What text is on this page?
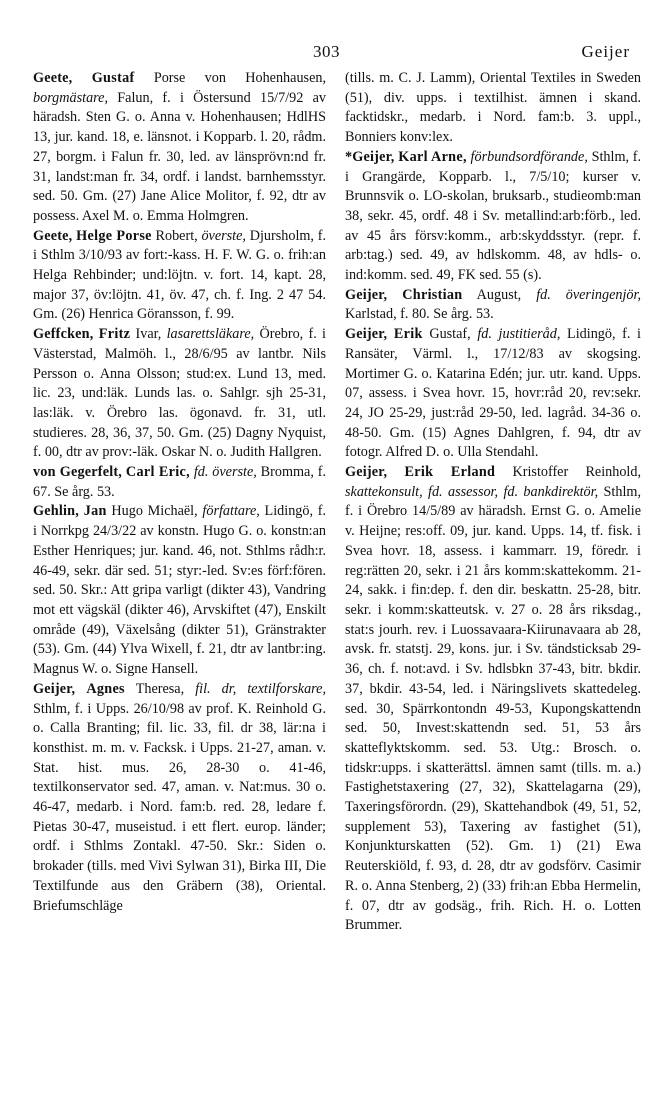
303	Geijer

Geete, Gustaf Porse von Hohenhausen, borgmästare, Falun, f. i Östersund 15/7/92 av häradsh. Sten G. o. Anna v. Hohenhausen; HdlHS 13, jur. kand. 18, e. länsnot. i Kopparb. l. 20, rådm. 27, borgm. i Falun fr. 30, led. av länsprövn:nd fr. 31, landst:man fr. 34, ordf. i landst. barnhemsstyr. sed. 50. Gm. (27) Jane Alice Molitor, f. 92, dtr av possess. Axel M. o. Emma Holmgren.

Geete, Helge Porse Robert, överste, Djursholm, f. i Sthlm 3/10/93 av fort:-kass. H. F. W. G. o. frih:an Helga Rehbinder; und:löjtn. v. fort. 14, kapt. 28, major 37, öv:löjtn. 41, öv. 47, ch. f. Ing. 2 47 54. Gm. (26) Henrica Göransson, f. 99.

Geffcken, Fritz Ivar, lasarettsläkare, Örebro, f. i Västerstad, Malmöh. l., 28/6/95 av lantbr. Nils Persson o. Anna Olsson; stud:ex. Lund 13, med. lic. 23, und:läk. Lunds las. o. Sahlgr. sjh 25-31, las:läk. v. Örebro las. ögonavd. fr. 31, utl. studieres. 28, 36, 37, 50. Gm. (25) Dagny Nyquist, f. 00, dtr av prov:-läk. Oskar N. o. Judith Hallgren.

von Gegerfelt, Carl Eric, fd. överste, Bromma, f. 67. Se årg. 53.

Gehlin, Jan Hugo Michaël, författare, Lidingö, f. i Norrkpg 24/3/22 av konstn. Hugo G. o. konstn:an Esther Henriques; jur. kand. 46, not. Sthlms rådh:r. 46-49, sekr. där sed. 51; styr:-led. Sv:es förf:fören. sed. 50. Skr.: Att gripa varligt (dikter 43), Vandring mot ett vägskäl (dikter 46), Arvskiftet (47), Enskilt område (49), Växelsång (dikter 51), Gränstrakter (53). Gm. (44) Ylva Wixell, f. 21, dtr av lantbr:ing. Magnus W. o. Signe Hansell.

Geijer, Agnes Theresa, fil. dr, textilforskare, Sthlm, f. i Upps. 26/10/98 av prof. K. Reinhold G. o. Calla Branting; fil. lic. 33, fil. dr 38, lär:na i konsthist. m. m. v. Facksk. i Upps. 21-27, aman. v. Stat. hist. mus. 26, 28-30 o. 41-46, textilkonservator sed. 47, aman. v. Nat:mus. 30 o. 46-47, medarb. i Nord. fam:b. red. 28, ledare f. Pietas 30-47, museistud. i ett flert. europ. länder; ordf. i Sthlms Zontakl. 47-50. Skr.: Siden o. brokader (tills. med Vivi Sylwan 31), Birka III, Die Textilfunde aus den Gräbern (38), Oriental. Briefumschläge

(tills. m. C. J. Lamm), Oriental Textiles in Sweden (51), div. upps. i textilhist. ämnen i skand. facktidskr., medarb. i Nord. fam:b. 3. uppl., Bonniers konv:lex.

*Geijer, Karl Arne, förbundsordförande, Sthlm, f. i Grangärde, Kopparb. l., 7/5/10; kurser v. Brunnsvik o. LO-skolan, bruksarb., studieomb:man 38, sekr. 45, ordf. 48 i Sv. metallind:arb:förb., led. av 45 års försv:komm., arb:skyddsstyr. (repr. f. arb:tag.) sed. 49, av hdlskomm. 48, av hdls- o. ind:komm. sed. 49, FK sed. 55 (s).

Geijer, Christian August, fd. överingenjör, Karlstad, f. 80. Se årg. 53.

Geijer, Erik Gustaf, fd. justitieråd, Lidingö, f. i Ransäter, Värml. l., 17/12/83 av skogsing. Mortimer G. o. Katarina Edén; jur. utr. kand. Upps. 07, assess. i Svea hovr. 15, hovr:råd 20, rev:sekr. 24, JO 25-29, just:råd 29-50, led. lagråd. 34-36 o. 48-50. Gm. (15) Agnes Dahlgren, f. 94, dtr av fotogr. Alfred D. o. Ulla Stendahl.

Geijer, Erik Erland Kristoffer Reinhold, skattekonsult, fd. assessor, fd. bankdirektör, Sthlm, f. i Örebro 14/5/89 av häradsh. Ernst G. o. Amelie v. Heijne; res:off. 09, jur. kand. Upps. 14, tf. fisk. i Svea hovr. 18, assess. i kammarr. 19, föredr. i reg:rätten 20, sekr. i 21 års komm:skattekomm. 21-24, sakk. i fin:dep. f. den dir. beskattn. 25-28, bitr. sekr. i komm:skatteutsk. v. 27 o. 28 års riksdag., stat:s jourh. rev. i Luossavaara-Kiirunavaara ab 28, avsk. fr. statstj. 29, kons. jur. i Sv. tändsticksab 29-36, ch. f. not:avd. i Sv. hdlsbkn 37-43, bitr. bkdir. 37, bkdir. 43-54, led. i Näringslivets skattedeleg. sed. 30, Spärrkontondn 49-53, Kupongskattendn sed. 50, Invest:skattendn sed. 51, 53 års skatteflyktskomm. sed. 53. Utg.: Brosch. o. tidskr:upps. i skatterättsl. ämnen samt (tills. m. a.) Fastighetstaxering (27, 32), Skattelagarna (29), Taxeringsförordn. (29), Skattehandbok (49, 51, 52, supplement 53), Taxering av fastighet (51), Konjunkturskatten (52). Gm. 1) (21) Ewa Reuterskiöld, f. 93, d. 28, dtr av godsförv. Casimir R. o. Anna Stenberg, 2) (33) frih:an Ebba Hermelin, f. 07, dtr av godsäg., frih. Rich. H. o. Lotten Brummer.
